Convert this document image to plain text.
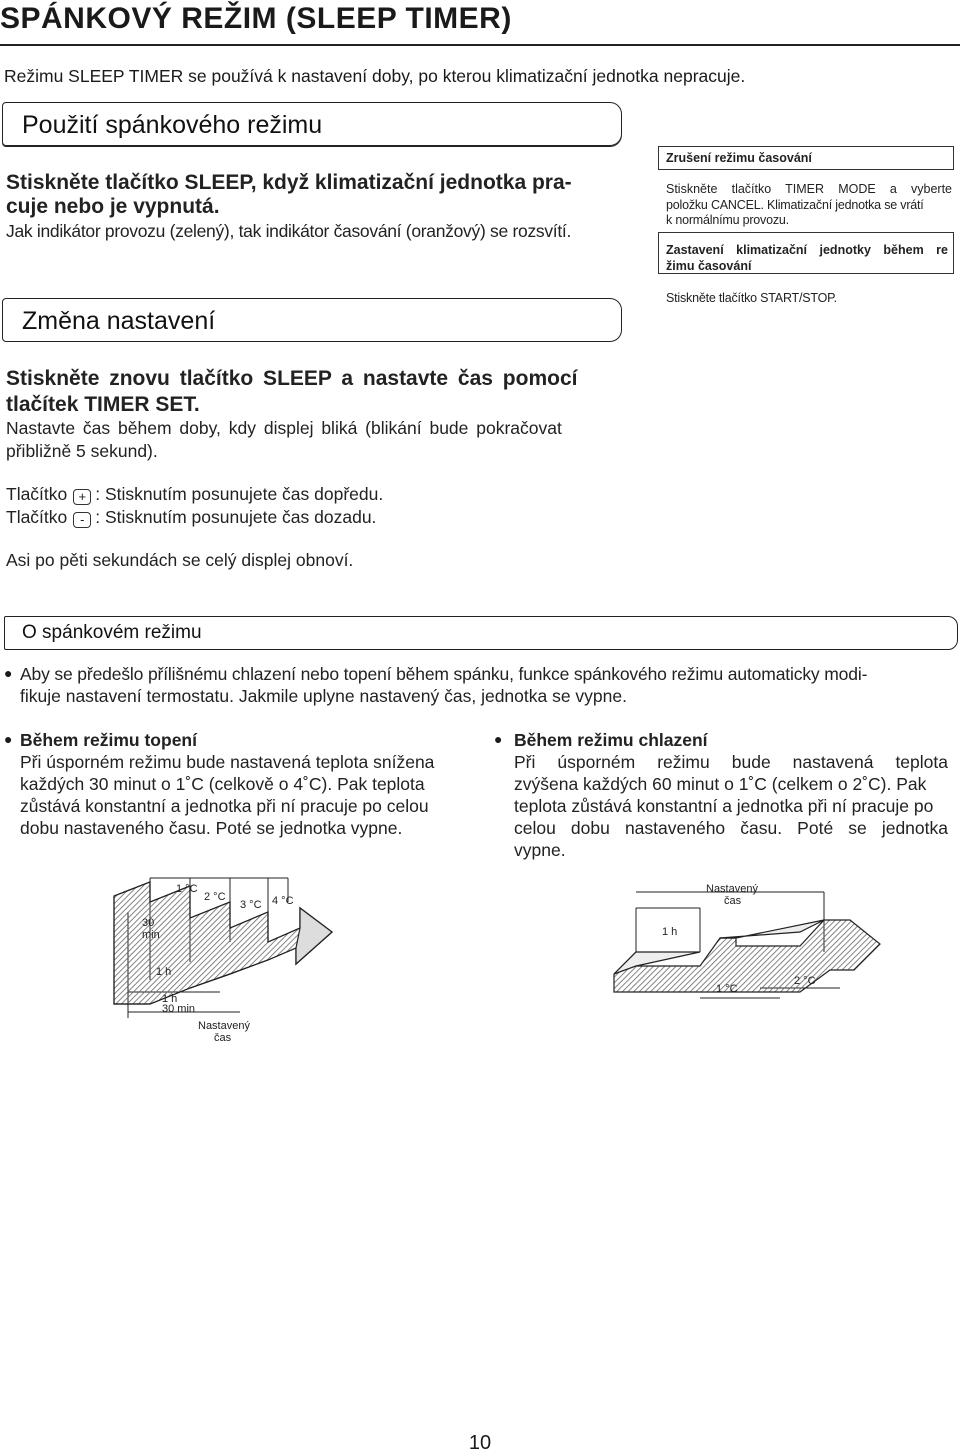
SPÁNKOVÝ REŽIM (SLEEP TIMER)
Režimu SLEEP TIMER se používá k nastavení doby, po kterou klimatizační jednotka nepracuje.
Použití spánkového režimu
Stiskněte tlačítko SLEEP, když klimatizační jednotka pra-
cuje nebo je vypnutá.
Jak indikátor provozu (zelený), tak indikátor časování (oranžový) se rozsvítí.
Změna nastavení
Stiskněte znovu tlačítko SLEEP a nastavte čas pomocí
tlačítek TIMER SET.
Nastavte čas během doby, kdy displej bliká (blikání bude pokračovat
přibližně 5 sekund).
Tlačítko + : Stisknutím posunujete čas dopředu.
Tlačítko - : Stisknutím posunujete čas dozadu.
Asi po pěti sekundách se celý displej obnoví.
Zrušení režimu časování
Stiskněte tlačítko TIMER MODE a vyberte
položku CANCEL. Klimatizační jednotka se vrátí
k normálnímu provozu.
Zastavení klimatizační jednotky během re
žimu časování
Stiskněte tlačítko START/STOP.
O spánkovém režimu
● Aby se předešlo přílišnému chlazení nebo topení během spánku, funkce spánkového režimu automaticky modi-
fikuje nastavení termostatu. Jakmile uplyne nastavený čas, jednotka se vypne.
● Během režimu topení
Při úsporném režimu bude nastavená teplota snížena
každých 30 minut o 1˚C (celkově o 4˚C). Pak teplota
zůstává konstantní a jednotka při ní pracuje po celou
dobu nastaveného času. Poté se jednotka vypne.
● Během režimu chlazení
Při úsporném režimu bude nastavená teplota
zvýšena každých 60 minut o 1˚C (celkem o 2˚C). Pak
teplota zůstává konstantní a jednotka při ní pracuje po
celou dobu nastaveného času. Poté se jednotka
vypne.
1 °C
2 °C
3 °C 4 °C
30
min
1 h
1 h
30 min
Nastavený
čas
Nastavený
čas
1 h
1 °C
2 °C
10
